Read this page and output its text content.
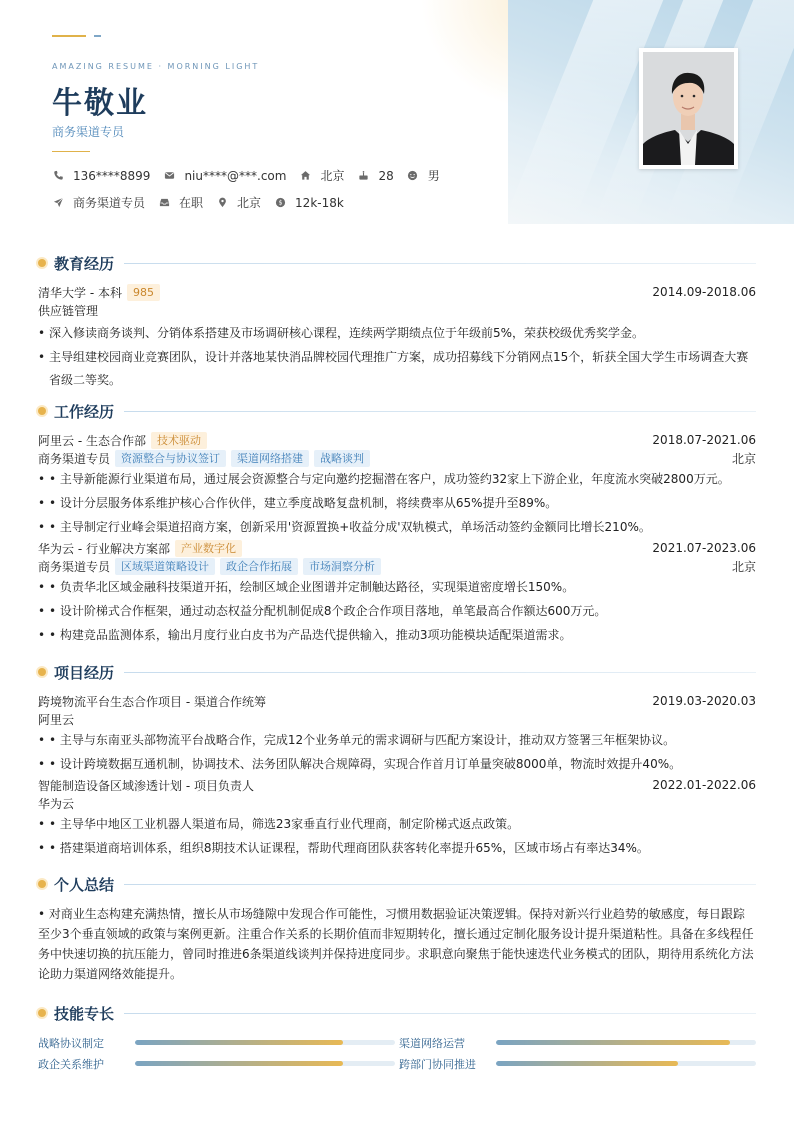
AMAZING RESUME · MORNING LIGHT
牛敬业
商务渠道专员
136****8899	niu****@***.com	北京	28	男
商务渠道专员	在职	北京 $ 12k-18k
教育经历
清华大学 - 本科	985	2014.09-2018.06
供应链管理
• 深入修读商务谈判、分销体系搭建及市场调研核心课程，连续两学期绩点位于年级前5%，荣获校级优秀奖学金。
• 主导组建校园商业竞赛团队，设计并落地某快消品牌校园代理推广方案，成功招募线下分销网点15个，斩获全国大学生市场调查大赛省级二等奖。
工作经历
阿里云 - 生态合作部	技术驱动	2018.07-2021.06
商务渠道专员	资源整合与协议签订	渠道网络搭建	战略谈判	北京
• • 主导新能源行业渠道布局，通过展会资源整合与定向邀约挖掘潜在客户，成功签约32家上下游企业，年度流水突破2800万元。
• • 设计分层服务体系维护核心合作伙伴，建立季度战略复盘机制，将续费率从65%提升至89%。
• • 主导制定行业峰会渠道招商方案，创新采用'资源置换+收益分成'双轨模式，单场活动签约金额同比增长210%。
华为云 - 行业解决方案部	产业数字化	2021.07-2023.06
商务渠道专员	区域渠道策略设计	政企合作拓展	市场洞察分析	北京
• • 负责华北区域金融科技渠道开拓，绘制区域企业图谱并定制触达路径，实现渠道密度增长150%。
• • 设计阶梯式合作框架，通过动态权益分配机制促成8个政企合作项目落地，单笔最高合作额达600万元。
• • 构建竞品监测体系，输出月度行业白皮书为产品迭代提供输入，推动3项功能模块适配渠道需求。
项目经历
跨境物流平台生态合作项目 - 渠道合作统筹	2019.03-2020.03
阿里云
• • 主导与东南亚头部物流平台战略合作，完成12个业务单元的需求调研与匹配方案设计，推动双方签署三年框架协议。
• • 设计跨境数据互通机制，协调技术、法务团队解决合规障碍，实现合作首月订单量突破8000单，物流时效提升40%。
智能制造设备区域渗透计划 - 项目负责人	2022.01-2022.06
华为云
• • 主导华中地区工业机器人渠道布局，筛选23家垂直行业代理商，制定阶梯式返点政策。
• • 搭建渠道商培训体系，组织8期技术认证课程，帮助代理商团队获客转化率提升65%，区域市场占有率达34%。
个人总结
• 对商业生态构建充满热情，擅长从市场缝隙中发现合作可能性，习惯用数据验证决策逻辑。保持对新兴行业趋势的敏感度，每日跟踪至少3个垂直领域的政策与案例更新。注重合作关系的长期价值而非短期转化，擅长通过定制化服务设计提升渠道粘性。具备在多线程任务中快速切换的抗压能力，曾同时推进6条渠道线谈判并保持进度同步。求职意向聚焦于能快速迭代业务模式的团队，期待用系统化方法论助力渠道网络效能提升。
技能专长
战略协议制定	渠道网络运营
政企关系维护	跨部门协同推进
